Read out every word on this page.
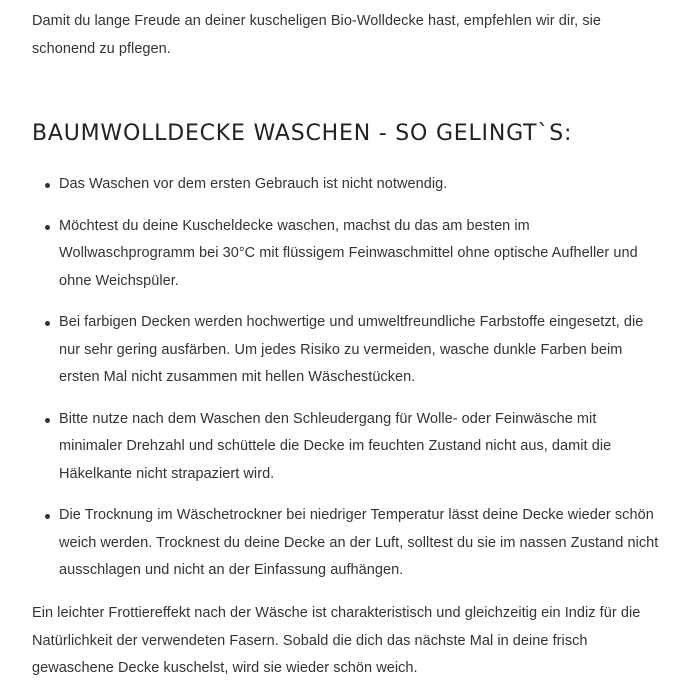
Damit du lange Freude an deiner kuscheligen Bio-Wolldecke hast, empfehlen wir dir, sie schonend zu pflegen.

BAUMWOLLDECKE WASCHEN - SO GELINGT`S:
Das Waschen vor dem ersten Gebrauch ist nicht notwendig.
Möchtest du deine Kuscheldecke waschen, machst du das am besten im Wollwaschprogramm bei 30°C mit flüssigem Feinwaschmittel ohne optische Aufheller und ohne Weichspüler.
Bei farbigen Decken werden hochwertige und umweltfreundliche Farbstoffe eingesetzt, die nur sehr gering ausfärben. Um jedes Risiko zu vermeiden, wasche dunkle Farben beim ersten Mal nicht zusammen mit hellen Wäschestücken.
Bitte nutze nach dem Waschen den Schleudergang für Wolle- oder Feinwäsche mit minimaler Drehzahl und schüttele die Decke im feuchten Zustand nicht aus, damit die Häkelkante nicht strapaziert wird.
Die Trocknung im Wäschetrockner bei niedriger Temperatur lässt deine Decke wieder schön weich werden. Trocknest du deine Decke an der Luft, solltest du sie im nassen Zustand nicht ausschlagen und nicht an der Einfassung aufhängen.

Ein leichter Frottiereffekt nach der Wäsche ist charakteristisch und gleichzeitig ein Indiz für die Natürlichkeit der verwendeten Fasern. Sobald die dich das nächste Mal in deine frisch gewaschene Decke kuschelst, wird sie wieder schön weich.
